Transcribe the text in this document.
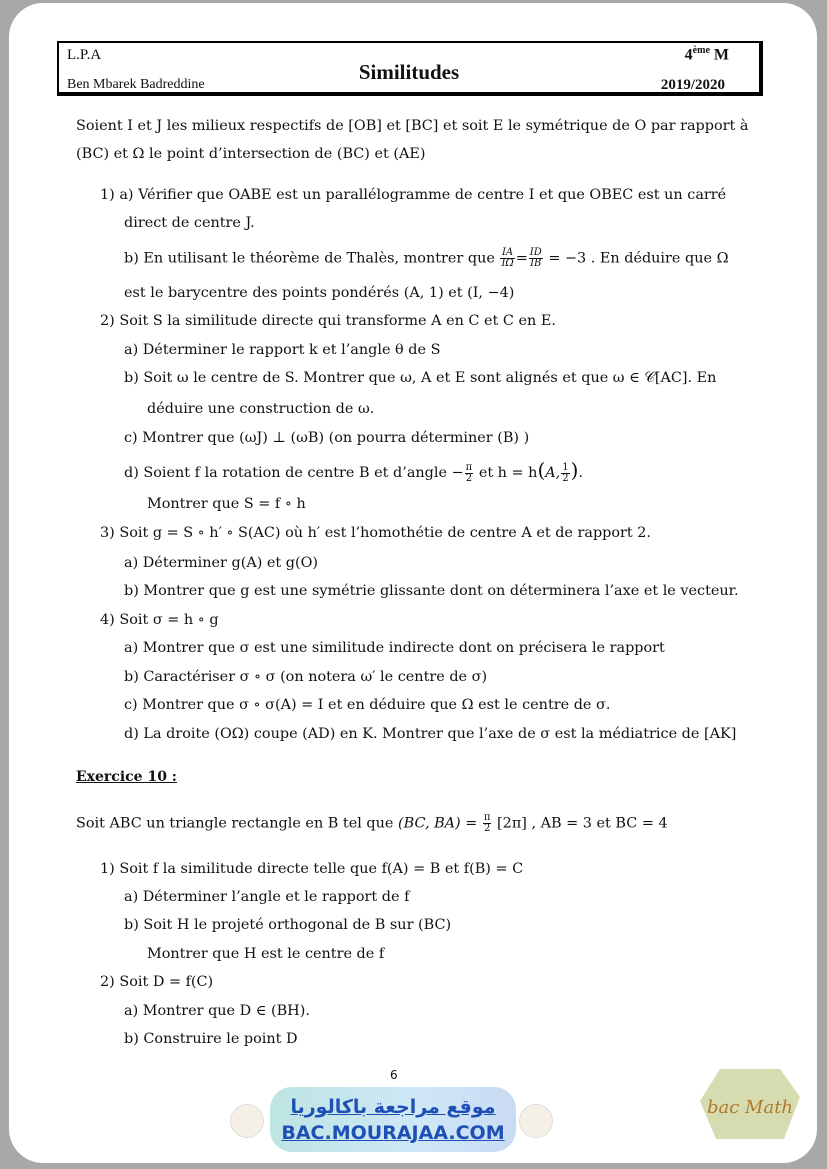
L.P.A
Ben Mbarek Badreddine
Similitudes
4ème M
2019/2020
Soient I et J les milieux respectifs de [OB] et [BC] et soit E le symétrique de O par rapport à
(BC) et Ω le point d’intersection de (BC) et (AE)
1) a) Vérifier que OABE est un parallélogramme de centre I et que OBEC est un carré
direct de centre J.
b) En utilisant le théorème de Thalès, montrer que $\frac{IA}{I\Omega} = \frac{ID}{IB} = -3$ . En déduire que Ω
est le barycentre des points pondérés (A, 1) et (I, −4)
2) Soit S la similitude directe qui transforme A en C et C en E.
a) Déterminer le rapport k et l’angle θ de S
b) Soit ω le centre de S. Montrer que ω, A et E sont alignés et que ω ∈ 𝒞[AC]. En
déduire une construction de ω.
c) Montrer que (ωJ) ⊥ (ωB) (on pourra déterminer (B) )
d) Soient f la rotation de centre B et d’angle − $\frac{\pi}{2}$ et h = h(A, $\frac{1}{2}$ ).
Montrer que S = f ∘ h
3) Soit g = S ∘ h′ ∘ S(AC) où h′ est l’homothétie de centre A et de rapport 2.
a) Déterminer g(A) et g(O)
b) Montrer que g est une symétrie glissante dont on déterminera l’axe et le vecteur.
4) Soit σ = h ∘ g
a) Montrer que σ est une similitude indirecte dont on précisera le rapport
b) Caractériser σ ∘ σ (on notera ω′ le centre de σ)
c) Montrer que σ ∘ σ(A) = I et en déduire que Ω est le centre de σ.
d) La droite (OΩ) coupe (AD) en K. Montrer que l’axe de σ est la médiatrice de [AK]
Exercice 10 :
Soit ABC un triangle rectangle en B tel que (BC, $BA) = \frac{\pi}{2} [2\pi]$ , AB = 3 et BC = 4
1) Soit f la similitude directe telle que f(A) = B et f(B) = C
a) Déterminer l’angle et le rapport de f
b) Soit H le projeté orthogonal de B sur (BC)
Montrer que H est le centre de f
2) Soit D = f(C)
a) Montrer que D ∈ (BH).
b) Construire le point D
6
موقع مراجعة باكالوريا
BAC.MOURAJAA.COM
bac Math
